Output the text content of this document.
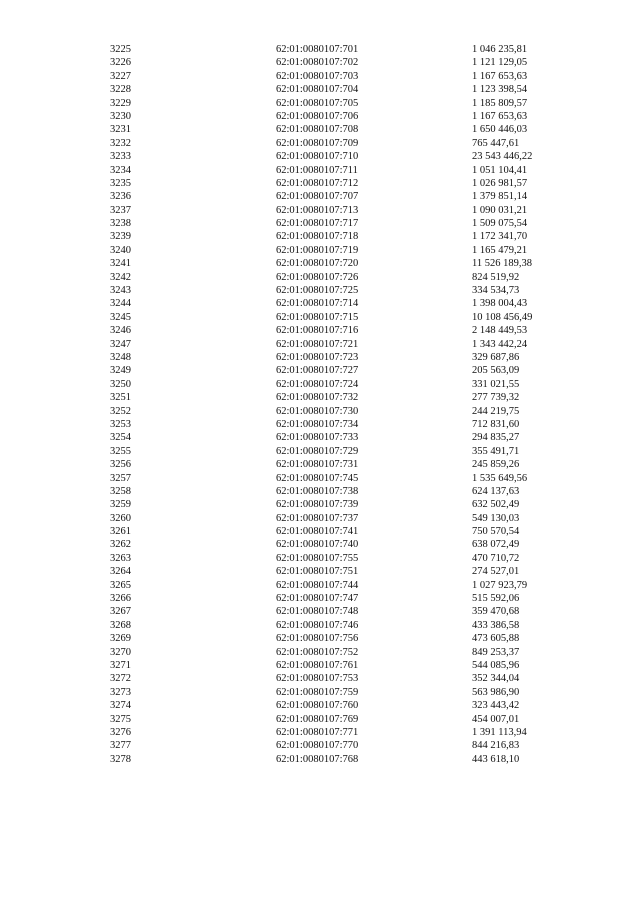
3225	62:01:0080107:701	1 046 235,81
3226	62:01:0080107:702	1 121 129,05
3227	62:01:0080107:703	1 167 653,63
3228	62:01:0080107:704	1 123 398,54
3229	62:01:0080107:705	1 185 809,57
3230	62:01:0080107:706	1 167 653,63
3231	62:01:0080107:708	1 650 446,03
3232	62:01:0080107:709	765 447,61
3233	62:01:0080107:710	23 543 446,22
3234	62:01:0080107:711	1 051 104,41
3235	62:01:0080107:712	1 026 981,57
3236	62:01:0080107:707	1 379 851,14
3237	62:01:0080107:713	1 090 031,21
3238	62:01:0080107:717	1 509 075,54
3239	62:01:0080107:718	1 172 341,70
3240	62:01:0080107:719	1 165 479,21
3241	62:01:0080107:720	11 526 189,38
3242	62:01:0080107:726	824 519,92
3243	62:01:0080107:725	334 534,73
3244	62:01:0080107:714	1 398 004,43
3245	62:01:0080107:715	10 108 456,49
3246	62:01:0080107:716	2 148 449,53
3247	62:01:0080107:721	1 343 442,24
3248	62:01:0080107:723	329 687,86
3249	62:01:0080107:727	205 563,09
3250	62:01:0080107:724	331 021,55
3251	62:01:0080107:732	277 739,32
3252	62:01:0080107:730	244 219,75
3253	62:01:0080107:734	712 831,60
3254	62:01:0080107:733	294 835,27
3255	62:01:0080107:729	355 491,71
3256	62:01:0080107:731	245 859,26
3257	62:01:0080107:745	1 535 649,56
3258	62:01:0080107:738	624 137,63
3259	62:01:0080107:739	632 502,49
3260	62:01:0080107:737	549 130,03
3261	62:01:0080107:741	750 570,54
3262	62:01:0080107:740	638 072,49
3263	62:01:0080107:755	470 710,72
3264	62:01:0080107:751	274 527,01
3265	62:01:0080107:744	1 027 923,79
3266	62:01:0080107:747	515 592,06
3267	62:01:0080107:748	359 470,68
3268	62:01:0080107:746	433 386,58
3269	62:01:0080107:756	473 605,88
3270	62:01:0080107:752	849 253,37
3271	62:01:0080107:761	544 085,96
3272	62:01:0080107:753	352 344,04
3273	62:01:0080107:759	563 986,90
3274	62:01:0080107:760	323 443,42
3275	62:01:0080107:769	454 007,01
3276	62:01:0080107:771	1 391 113,94
3277	62:01:0080107:770	844 216,83
3278	62:01:0080107:768	443 618,10
